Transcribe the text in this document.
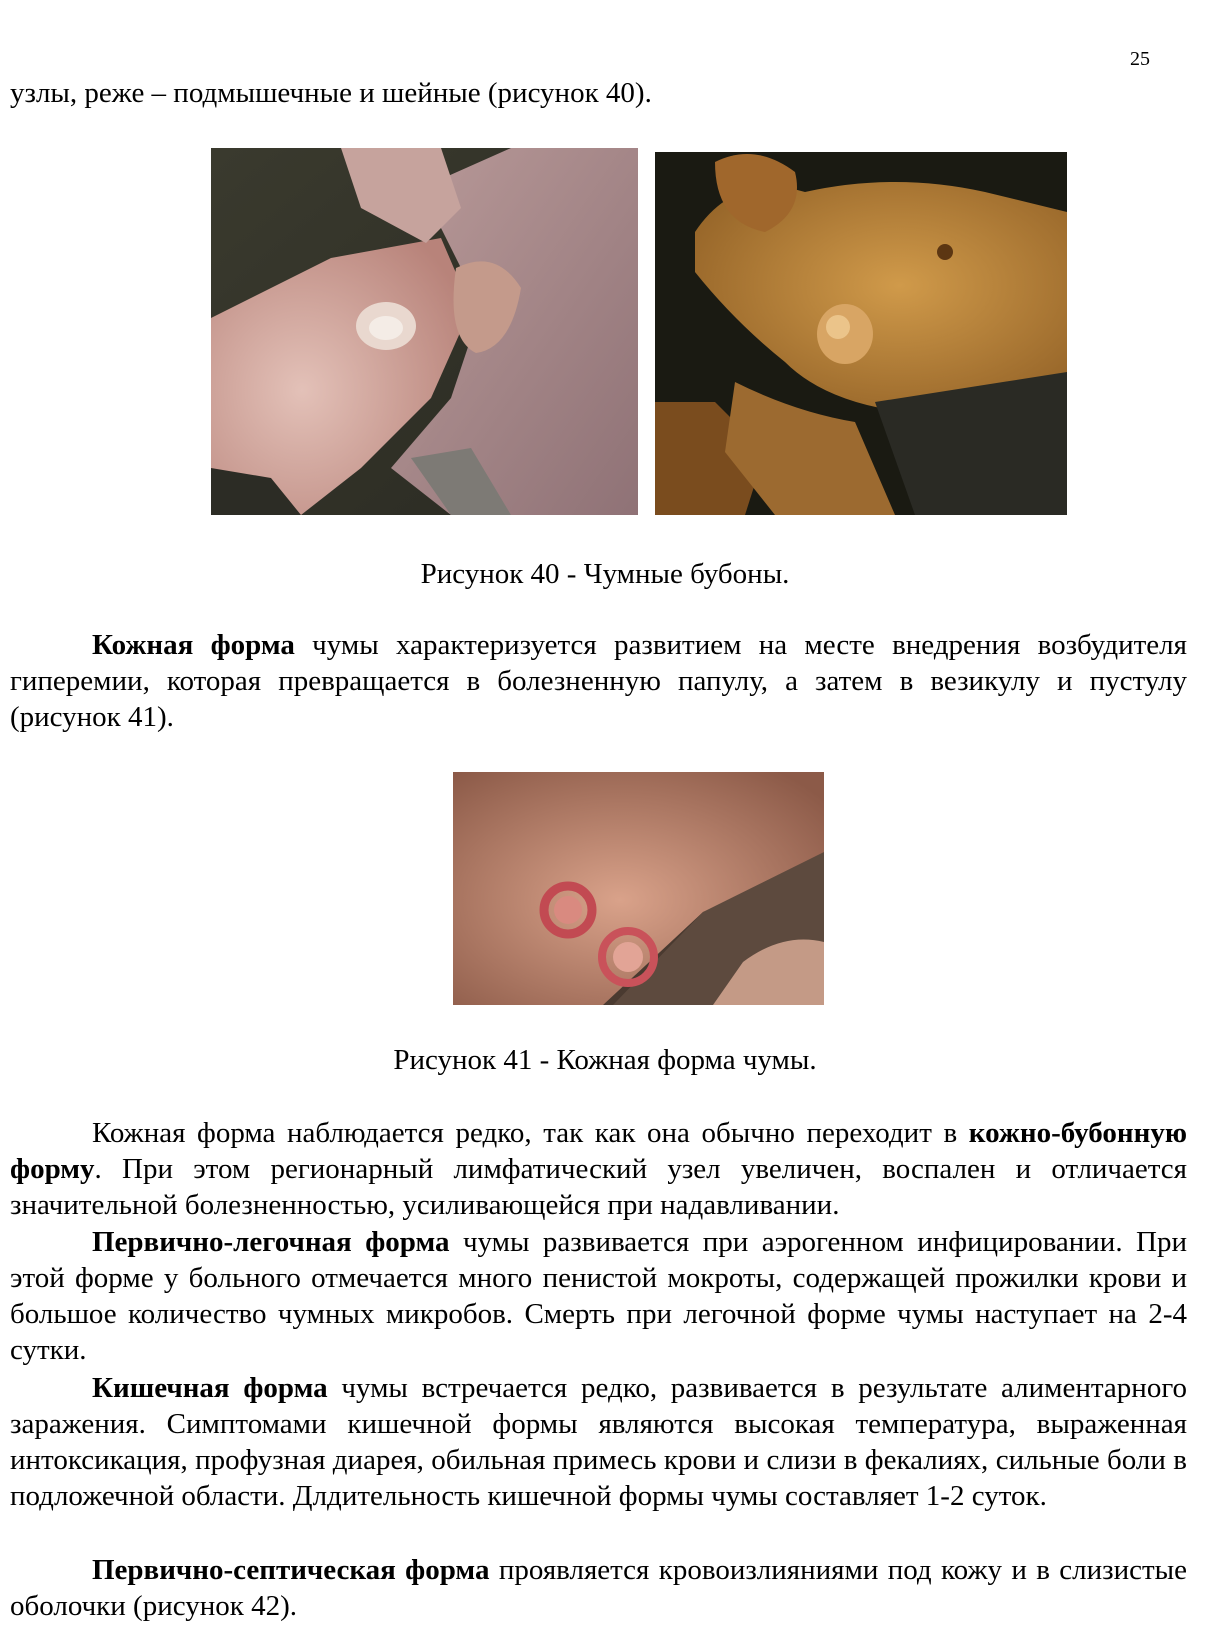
25
узлы, реже – подмышечные и шейные (рисунок 40).
Рисунок 40 - Чумные бубоны.

Кожная форма чумы характеризуется развитием на месте внедрения возбудителя гиперемии, которая превращается в болезненную папулу, а затем в везикулу и пустулу (рисунок 41).

Рисунок 41 - Кожная форма чумы.

Кожная форма наблюдается редко, так как она обычно переходит в кожно-бубонную форму. При этом регионарный лимфатический узел увеличен, воспален и отличается значительной болезненностью, усиливающейся при надавливании.

Первично-легочная форма чумы развивается при аэрогенном инфицировании. При этой форме у больного отмечается много пенистой мокроты, содержащей прожилки крови и большое количество чумных микробов. Смерть при легочной форме чумы наступает на 2-4 сутки.

Кишечная форма чумы встречается редко, развивается в результате алиментарного заражения. Симптомами кишечной формы являются высокая температура, выраженная интоксикация, профузная диарея, обильная примесь крови и слизи в фекалиях, сильные боли в подложечной области. Длдительность кишечной формы чумы составляет 1-2 суток.

Первично-септическая форма проявляется кровоизлияниями под кожу и в слизистые оболочки (рисунок 42).
